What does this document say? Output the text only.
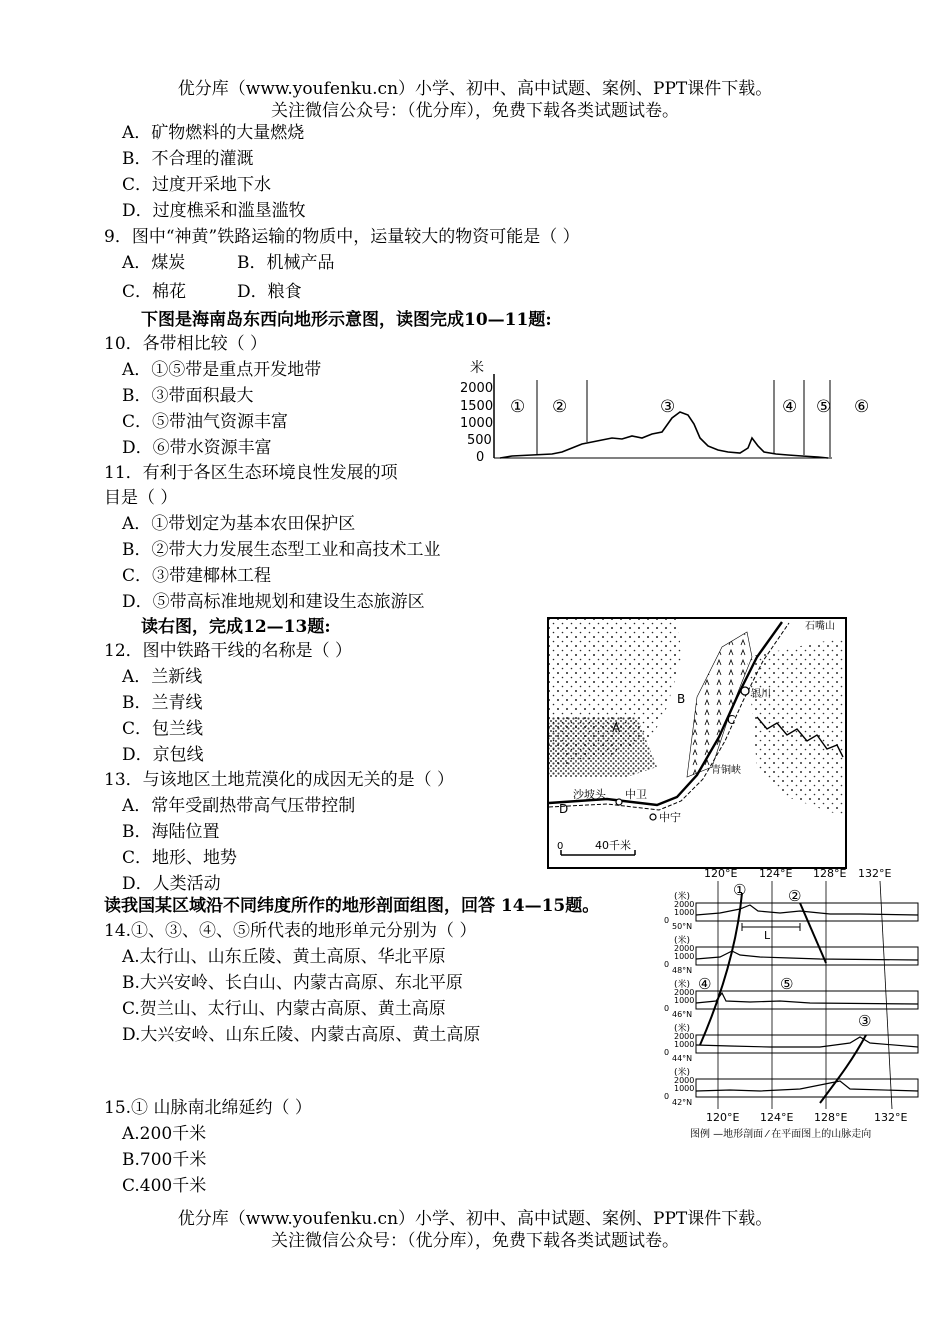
优分库（www.youfenku.cn）小学、初中、高中试题、案例、PPT课件下载。
关注微信公众号：（优分库），免费下载各类试题试卷。
A．矿物燃料的大量燃烧
B．不合理的灌溉
C．过度开采地下水
D．过度樵采和滥垦滥牧
9．图中“神黄”铁路运输的物质中，运量较大的物资可能是（ ）
A．煤炭	B．机械产品
C．棉花	D．粮食
下图是海南岛东西向地形示意图，读图完成10—11题:
10．各带相比较（ ）
A．①⑤带是重点开发地带
B．③带面积最大
C．⑤带油气资源丰富
D．⑥带水资源丰富
11．有利于各区生态环境良性发展的项
目是（ ）
A．①带划定为基本农田保护区
B．②带大力发展生态型工业和高技术工业
C．③带建椰林工程
D．⑤带高标准地规划和建设生态旅游区
米
2000
1500
1000
500
0
① ②	③	④ ⑤ ⑥
读右图，完成12—13题:
12．图中铁路干线的名称是（ ）
A．兰新线
B．兰青线
C．包兰线
D．京包线
13．与该地区土地荒漠化的成因无关的是（ ）
A．常年受副热带高气压带控制
B．海陆位置
C．地形、地势
D．人类活动
A
B
C
D
石嘴山
银川
沙坡头 中卫
中宁
青铜峡
0	40千米
读我国某区域沿不同纬度所作的地形剖面组图，回答 14—15题。
14.①、③、④、⑤所代表的地形单元分别为（ ）
A.太行山、山东丘陵、黄土高原、华北平原
B.大兴安岭、长白山、内蒙古高原、东北平原
C.贺兰山、太行山、内蒙古高原、黄土高原
D.大兴安岭、山东丘陵、内蒙古高原、黄土高原
15.① 山脉南北绵延约（ ）
A.200千米
B.700千米
C.400千米
120°E 124°E 128°E 132°E
(米)
2000
1000
0
50°N
(米)
2000
1000
0
48°N
(米)
2000
1000
0
46°N
(米)
2000
1000
0
44°N
(米)
2000
1000
0
42°N
L
①	②
③
④	⑤
120°E 124°E 128°E 132°E
图例 —地形剖面 ⁄ 在平面图上的山脉走向
优分库（www.youfenku.cn）小学、初中、高中试题、案例、PPT课件下载。
关注微信公众号：（优分库），免费下载各类试题试卷。
